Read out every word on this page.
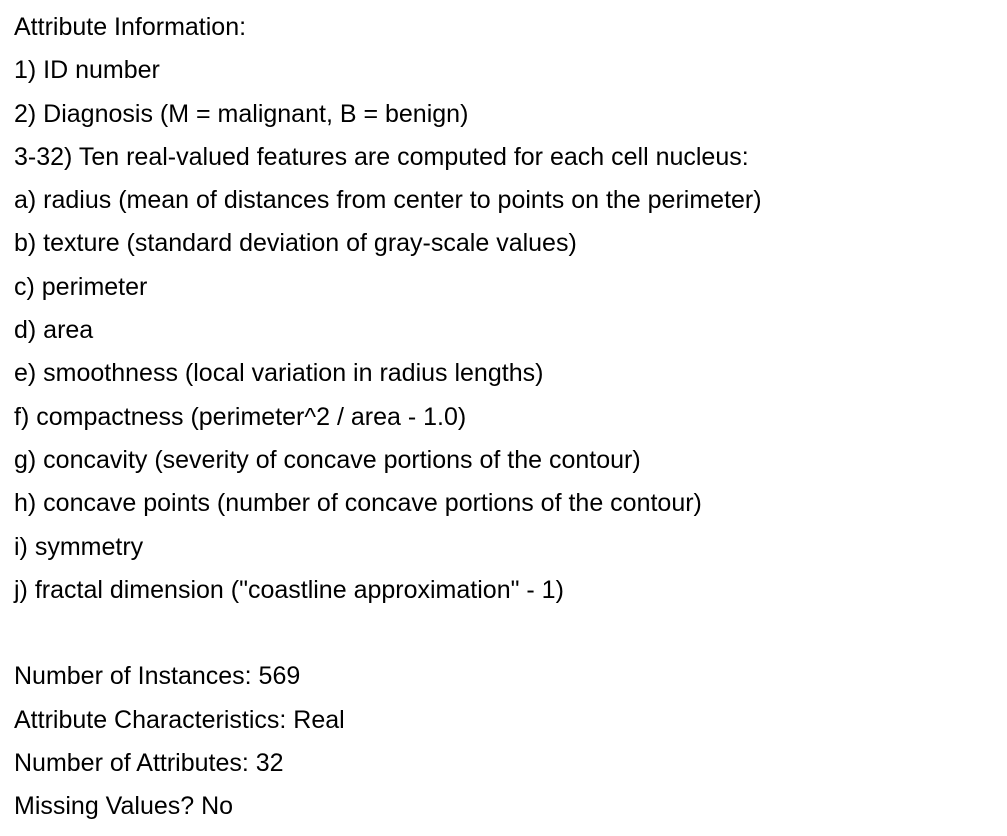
Attribute Information:
1) ID number
2) Diagnosis (M = malignant, B = benign)
3-32) Ten real-valued features are computed for each cell nucleus:
a) radius (mean of distances from center to points on the perimeter)
b) texture (standard deviation of gray-scale values)
c) perimeter
d) area
e) smoothness (local variation in radius lengths)
f) compactness (perimeter^2 / area - 1.0)
g) concavity (severity of concave portions of the contour)
h) concave points (number of concave portions of the contour)
i) symmetry
j) fractal dimension ("coastline approximation" - 1)
Number of Instances: 569
Attribute Characteristics: Real
Number of Attributes: 32
Missing Values? No
